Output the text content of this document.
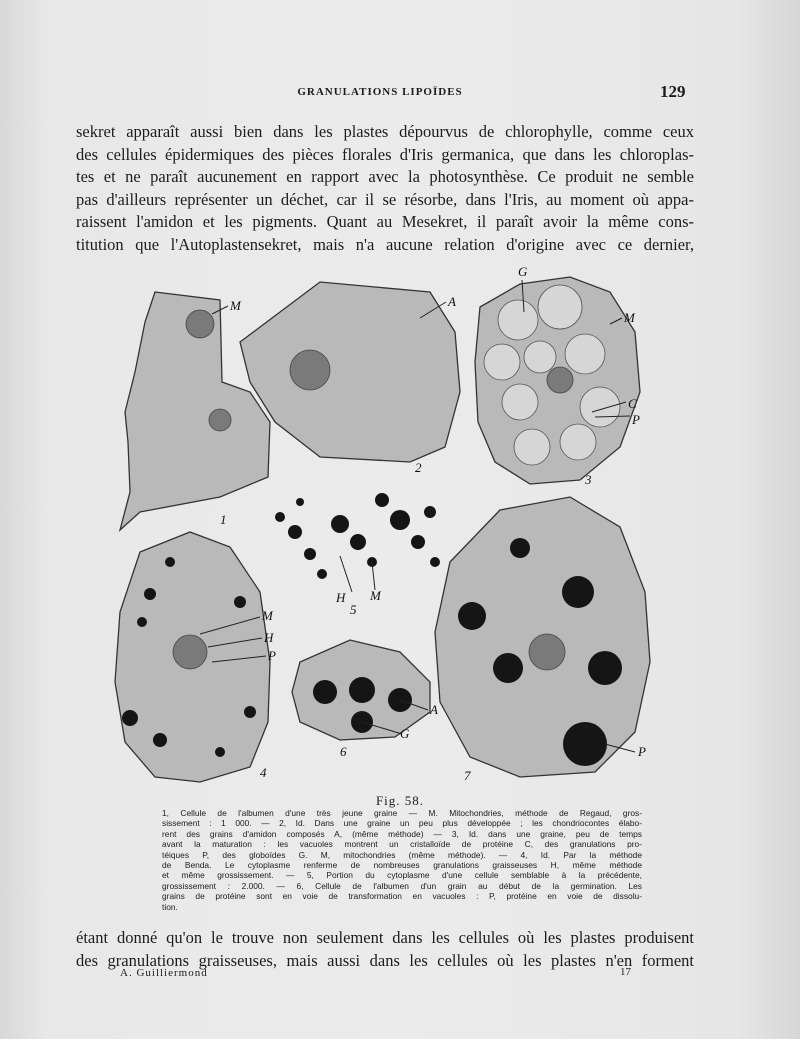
GRANULATIONS LIPOÏDES	129

sekret apparaît aussi bien dans les plastes dépourvus de chlorophylle, comme ceux
des cellules épidermiques des pièces florales d'Iris germanica, que dans les chloroplas-
tes et ne paraît aucunement en rapport avec la photosynthèse. Ce produit ne semble
pas d'ailleurs représenter un déchet, car il se résorbe, dans l'Iris, au moment où appa-
raissent l'amidon et les pigments. Quant au Mesekret, il paraît avoir la même cons-
titution que l'Autoplastensekret, mais n'a aucune relation d'origine avec ce dernier,

M	A
G
M
C
P
M
H
P
A
G
H M
P
1
2
3
4
5
6
7
Fig. 58.

1, Cellule de l'albumen d'une très jeune graine — M. Mitochondries, méthode de Regaud, gros-
sissement : 1 000. — 2, Id. Dans une graine un peu plus développée ; les chondriocontes élabo-
rent des grains d'amidon composés A, (même méthode) — 3, Id. dans une graine, peu de temps
avant la maturation : les vacuoles montrent un cristalloïde de protéine C, des granulations pro-
téiques P, des globoïdes G. M, mitochondries (même méthode). — 4, Id. Par la méthode
de Benda. Le cytoplasme renferme de nombreuses granulations graisseuses H, même méthode
et même grossissement. — 5, Portion du cytoplasme d'une cellule semblable à la précédente,
grossissement : 2.000. — 6, Cellule de l'albumen d'un grain au début de la germination. Les
grains de protéine sont en voie de transformation en vacuoles : P, protéine en voie de dissolu-
tion.

étant donné qu'on le trouve non seulement dans les cellules où les plastes produisent
des granulations graisseuses, mais aussi dans les cellules où les plastes n'en forment

A. Guilliermond	17
